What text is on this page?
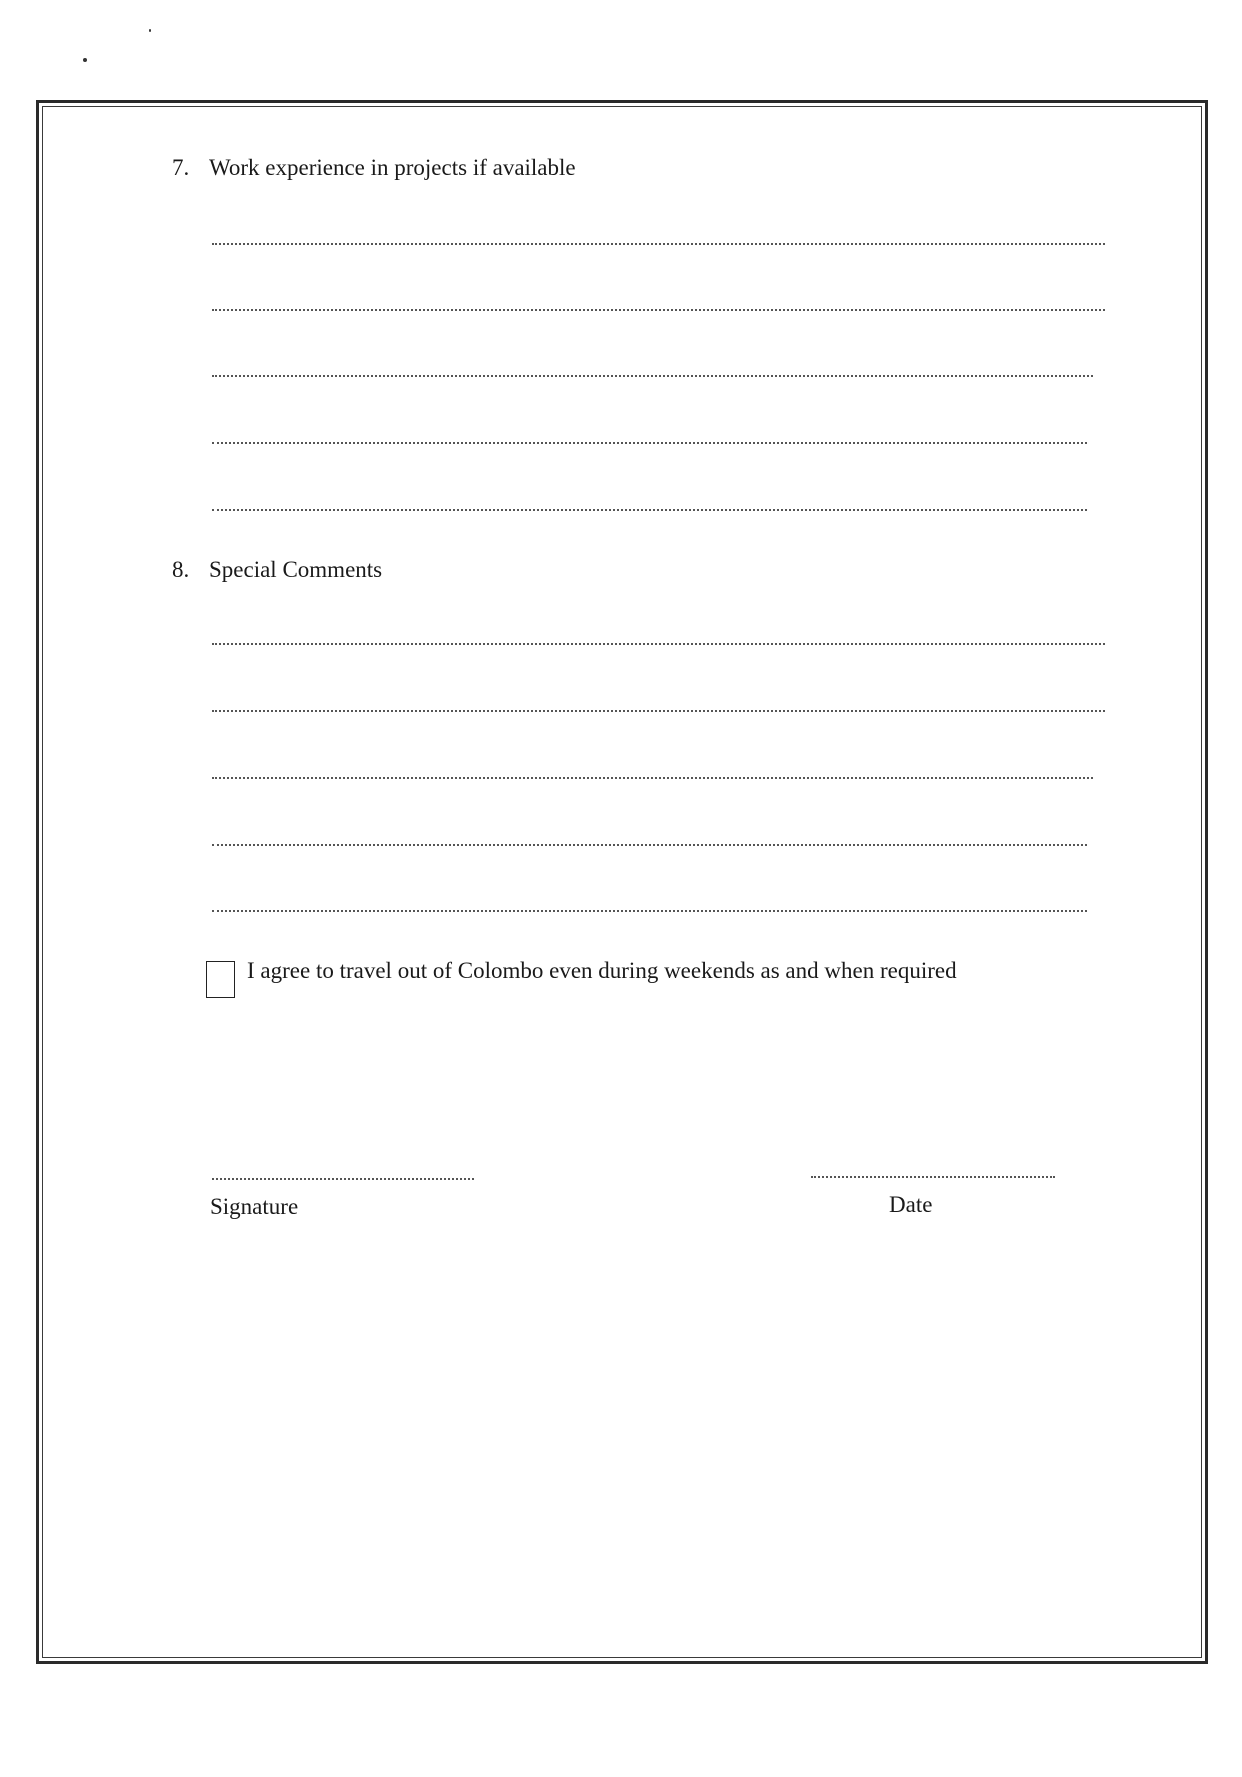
7. Work experience in projects if available
8. Special Comments
I agree to travel out of Colombo even during weekends as and when required
Signature	Date
